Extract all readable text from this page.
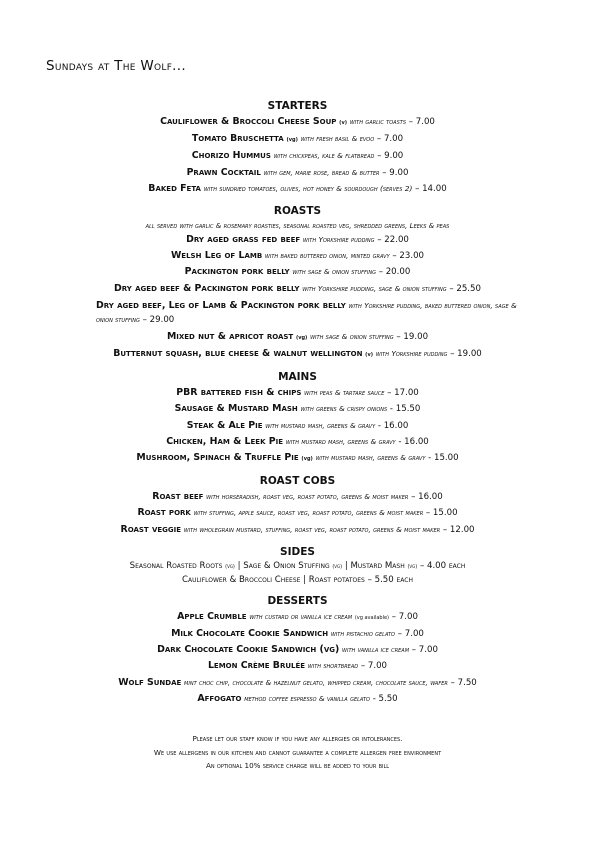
Sundays at The Wolf...
STARTERS
Cauliflower & Broccoli Cheese Soup (v) with garlic toasts – 7.00
Tomato Bruschetta (vg) with fresh basil & evoo – 7.00
Chorizo Hummus with chickpeas, kale & flatbread – 9.00
Prawn Cocktail with gem, marie rose, bread & butter – 9.00
Baked Feta with sundried tomatoes, olives, hot honey & sourdough (serves 2) – 14.00
ROASTS
all served with garlic & rosemary roasties, seasonal roasted veg, shredded greens, Leeks & peas
Dry aged grass fed beef with Yorkshire pudding – 22.00
Welsh Leg of Lamb with baked buttered onion, minted gravy – 23.00
Packington pork belly with sage & onion stuffing – 20.00
Dry aged beef & Packington pork belly with Yorkshire pudding, sage & onion stuffing – 25.50
Dry aged beef, Leg of Lamb & Packington pork belly with Yorkshire pudding, baked buttered onion, sage & onion stuffing – 29.00
Mixed nut & apricot roast (vg) with sage & onion stuffing – 19.00
Butternut squash, blue cheese & walnut wellington (v) with Yorkshire pudding – 19.00
MAINS
PBR battered fish & chips with peas & tartare sauce – 17.00
Sausage & Mustard Mash with greens & crispy onions - 15.50
Steak & Ale Pie with mustard mash, greens & gravy - 16.00
Chicken, Ham & Leek Pie with mustard mash, greens & gravy - 16.00
Mushroom, Spinach & Truffle Pie (vg) with mustard mash, greens & gravy - 15.00
ROAST COBS
Roast beef with horseradish, roast veg, roast potato, greens & moist maker – 16.00
Roast pork with stuffing, apple sauce, roast veg, roast potato, greens & moist maker – 15.00
Roast veggie with wholegrain mustard, stuffing, roast veg, roast potato, greens & moist maker – 12.00
SIDES
Seasonal Roasted Roots (vg) | Sage & Onion Stuffing (vg) | Mustard Mash (vg) – 4.00 each
Cauliflower & Broccoli Cheese | Roast potatoes – 5.50 each
DESSERTS
Apple Crumble with custard or vanilla ice cream (vg available) – 7.00
Milk Chocolate Cookie Sandwich with pistachio gelato – 7.00
Dark Chocolate Cookie Sandwich (vg) with vanilla ice cream – 7.00
Lemon Crème Brulée with shortbread – 7.00
Wolf Sundae mint choc chip, chocolate & hazelnut gelato, whipped cream, chocolate sauce, wafer – 7.50
Affogato method coffee espresso & vanilla gelato - 5.50
Please let our staff know if you have any allergies or intolerances.
We use allergens in our kitchen and cannot guarantee a complete allergen free environment
An optional 10% service charge will be added to your bill
